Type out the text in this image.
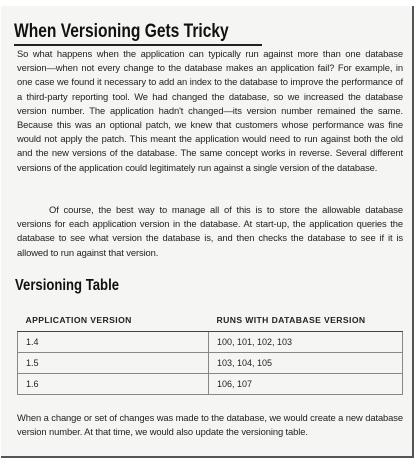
When Versioning Gets Tricky

So what happens when the application can typically run against more than one database version—when not every change to the database makes an application fail? For example, in one case we found it necessary to add an index to the database to improve the performance of a third-party reporting tool. We had changed the database, so we increased the database version number. The application hadn't changed—its version number remained the same. Because this was an optional patch, we knew that customers whose performance was fine would not apply the patch. This meant the application would need to run against both the old and the new versions of the database. The same concept works in reverse. Several different versions of the application could legitimately run against a single version of the database.

Of course, the best way to manage all of this is to store the allowable database versions for each application version in the database. At start-up, the application queries the database to see what version the database is, and then checks the database to see if it is allowed to run against that version.

Versioning Table
APPLICATION VERSION	RUNS WITH DATABASE VERSION
1.4	100, 101, 102, 103
1.5	103, 104, 105
1.6	106, 107

When a change or set of changes was made to the database, we would create a new database version number. At that time, we would also update the versioning table.
